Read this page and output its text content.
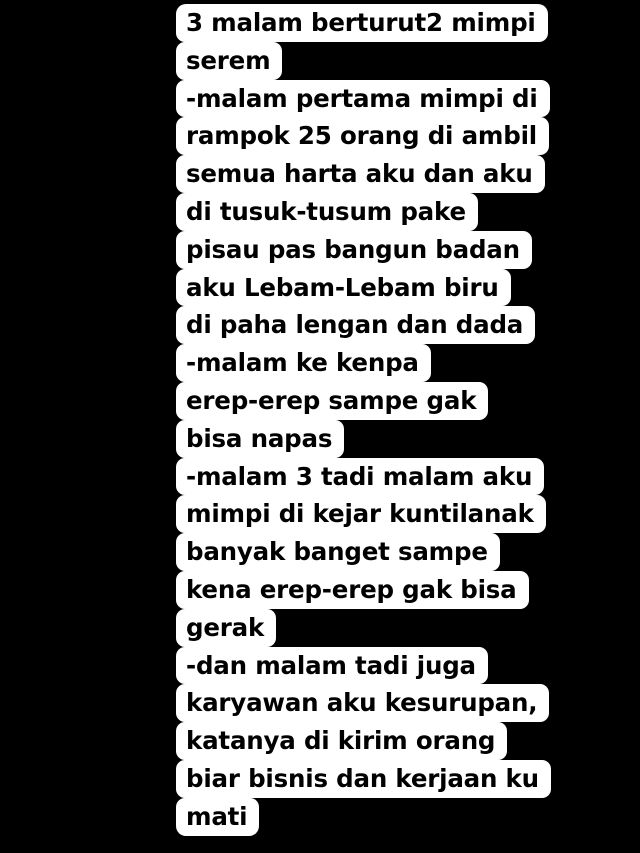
3 malam berturut2 mimpi
serem
-malam pertama mimpi di
rampok 25 orang di ambil
semua harta aku dan aku
di tusuk-tusum pake
pisau pas bangun badan
aku Lebam-Lebam biru
di paha lengan dan dada
-malam ke kenpa
erep-erep sampe gak
bisa napas
-malam 3 tadi malam aku
mimpi di kejar kuntilanak
banyak banget sampe
kena erep-erep gak bisa
gerak
-dan malam tadi juga
karyawan aku kesurupan,
katanya di kirim orang
biar bisnis dan kerjaan ku
mati
